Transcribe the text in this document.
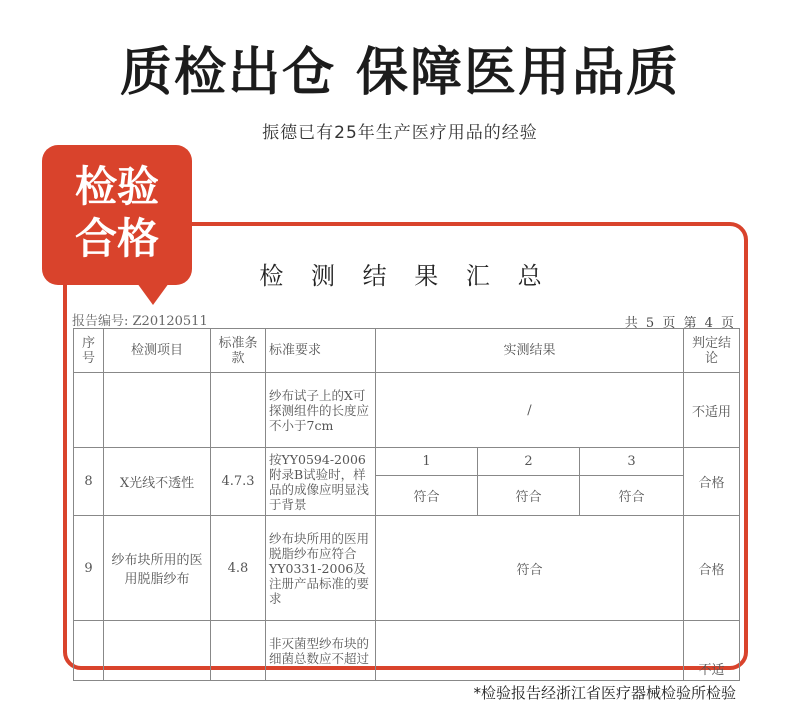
质检出仓 保障医用品质
振德已有25年生产医疗用品的经验
检验
合格
检 测 结 果 汇 总
报告编号: Z20120511	共 5 页 第 4 页
序号	检测项目	标准条款	标准要求	实测结果			判定结论
			纱布试子上的X可探测组件的长度应不小于7cm	/			不适用
8	X光线不透性	4.7.3	按YY0594-2006附录B试验时，样品的成像应明显浅于背景	1	2	3	合格
				符合	符合	符合	
9	纱布块所用的医用脱脂纱布	4.8	纱布块所用的医用脱脂纱布应符合YY0331-2006及注册产品标准的要求	符合			合格
			非灭菌型纱布块的细菌总数应不超过				不适
*检验报告经浙江省医疗器械检验所检验
